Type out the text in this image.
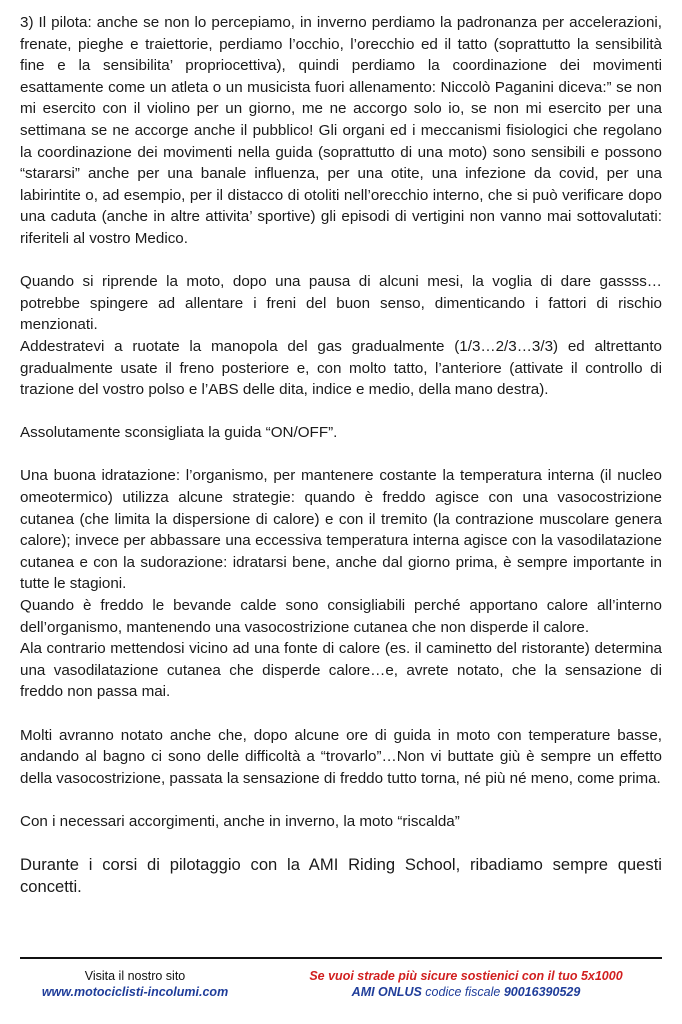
3) Il pilota: anche se non lo percepiamo, in inverno perdiamo la padronanza per accelerazioni, frenate, pieghe e traiettorie, perdiamo l’occhio, l’orecchio ed il tatto (soprattutto la sensibilità fine e la sensibilita’ propriocettiva), quindi perdiamo la coordinazione dei movimenti esattamente come un atleta o un musicista fuori allenamento: Niccolò Paganini diceva:” se non mi esercito con il violino per un giorno, me ne accorgo solo io, se non mi esercito per una settimana se ne accorge anche il pubblico! Gli organi ed i meccanismi fisiologici che regolano la coordinazione dei movimenti nella guida (soprattutto di una moto) sono sensibili e possono “stararsi” anche per una banale influenza, per una otite, una infezione da covid, per una labirintite o, ad esempio, per il distacco di otoliti nell’orecchio interno, che si può verificare dopo una caduta (anche in altre attivita’ sportive) gli episodi di vertigini non vanno mai sottovalutati: riferiteli al vostro Medico.

Quando si riprende la moto, dopo una pausa di alcuni mesi, la voglia di dare gassss… potrebbe spingere ad allentare i freni del buon senso, dimenticando i fattori di rischio menzionati.

Addestratevi a ruotate la manopola del gas gradualmente (1/3…2/3…3/3) ed altrettanto gradualmente usate il freno posteriore e, con molto tatto, l’anteriore (attivate il controllo di trazione del vostro polso e l’ABS delle dita, indice e medio, della mano destra).

Assolutamente sconsigliata la guida “ON/OFF”.

Una buona idratazione: l’organismo, per mantenere costante la temperatura interna (il nucleo omeotermico) utilizza alcune strategie: quando è freddo agisce con una vasocostrizione cutanea (che limita la dispersione di calore) e con il tremito (la contrazione muscolare genera calore); invece per abbassare una eccessiva temperatura interna agisce con la vasodilatazione cutanea e con la sudorazione: idratarsi bene, anche dal giorno prima, è sempre importante in tutte le stagioni.

Quando è freddo le bevande calde sono consigliabili perché apportano calore all’interno dell’organismo, mantenendo una vasocostrizione cutanea che non disperde il calore.

Ala contrario mettendosi vicino ad una fonte di calore (es. il caminetto del ristorante) determina una vasodilatazione cutanea che disperde calore…e, avrete notato, che la sensazione di freddo non passa mai.

Molti avranno notato anche che, dopo alcune ore di guida in moto con temperature basse, andando al bagno ci sono delle difficoltà a “trovarlo”…Non vi buttate giù è sempre un effetto della vasocostrizione, passata la sensazione di freddo tutto torna, né più né meno, come prima.

Con i necessari accorgimenti, anche in inverno, la moto “riscalda”

Durante i corsi di pilotaggio con la AMI Riding School, ribadiamo sempre questi concetti.

Visita il nostro sito
www.motociclisti-incolumi.com
Se vuoi strade più sicure sostienici con il tuo 5x1000
AMI ONLUS codice fiscale 90016390529
